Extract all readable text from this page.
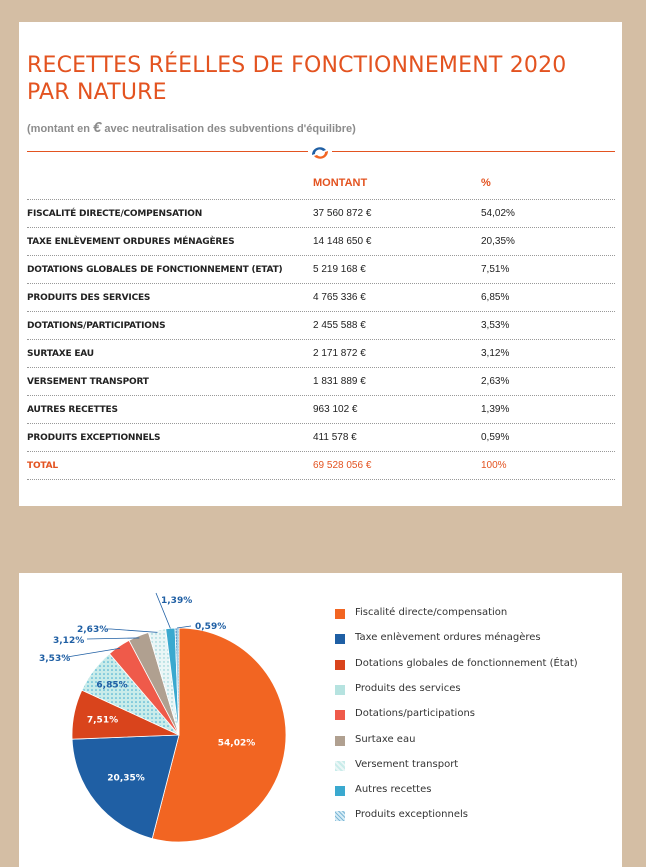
RECETTES RÉELLES DE FONCTIONNEMENT 2020
PAR NATURE
(montant en € avec neutralisation des subventions d'équilibre)
MONTANT	%
FISCALITÉ DIRECTE/COMPENSATION	37 560 872 €	54,02%
TAXE ENLÈVEMENT ORDURES MÉNAGÈRES	14 148 650 €	20,35%
DOTATIONS GLOBALES DE FONCTIONNEMENT (ETAT)	5 219 168 €	7,51%
PRODUITS DES SERVICES	4 765 336 €	6,85%
DOTATIONS/PARTICIPATIONS	2 455 588 €	3,53%
SURTAXE EAU	2 171 872 €	3,12%
VERSEMENT TRANSPORT	1 831 889 €	2,63%
AUTRES RECETTES	963 102 €	1,39%
PRODUITS EXCEPTIONNELS	411 578 €	0,59%
TOTAL	69 528 056 €	100%
54,02%
20,35%
7,51%
6,85%
3,53%
3,12%
2,63%
1,39%
0,59%
Fiscalité directe/compensation
Taxe enlèvement ordures ménagères
Dotations globales de fonctionnement (État)
Produits des services
Dotations/participations
Surtaxe eau
Versement transport
Autres recettes
Produits exceptionnels
